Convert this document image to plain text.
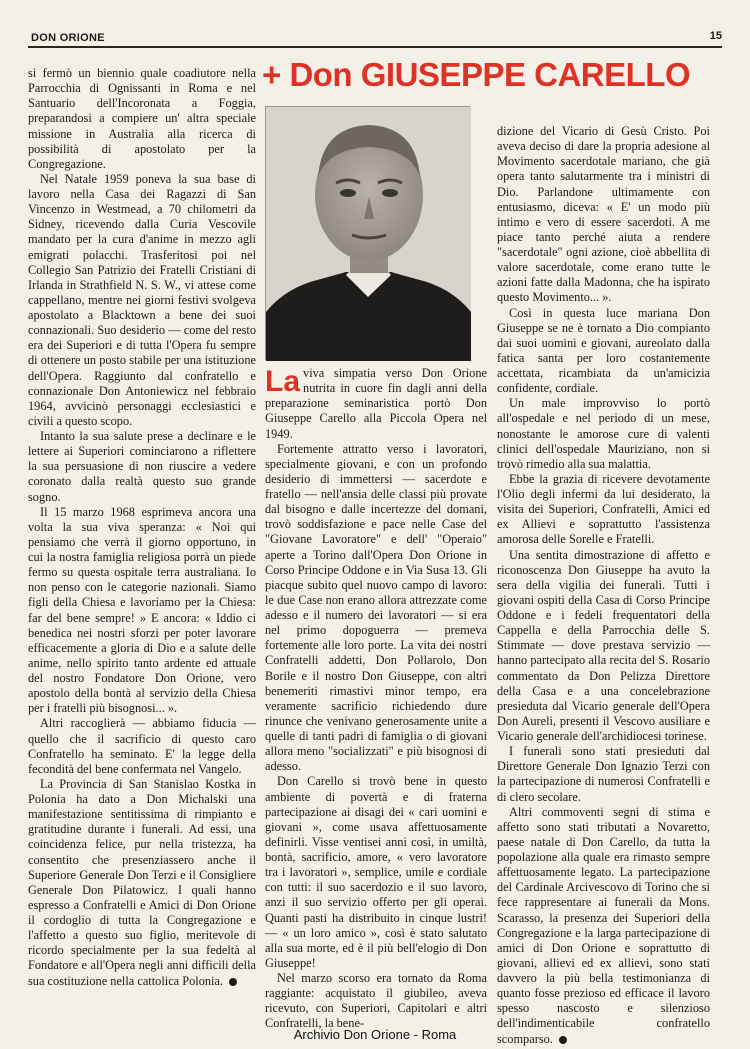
DON ORIONE	15
+ Don GIUSEPPE CARELLO

si fermò un biennio quale coadiutore nella Parrocchia di Ognissanti in Roma e nel Santuario dell'Incoronata a Foggia, preparandosi a compiere un' altra speciale missione in Australia alla ricerca di possibilità di apostolato per la Congregazione.

Nel Natale 1959 poneva la sua base di lavoro nella Casa dei Ragazzi di San Vincenzo in Westmead, a 70 chilometri da Sidney, ricevendo dalla Curia Vescovile mandato per la cura d'anime in mezzo agli emigrati polacchi. Trasferitosi poi nel Collegio San Patrizio dei Fratelli Cristiani di Irlanda in Strathfield N. S. W., vi attese come cappellano, mentre nei giorni festivi svolgeva apostolato a Blacktown a bene dei suoi connazionali. Suo desiderio — come del resto era dei Superiori e di tutta l'Opera fu sempre di ottenere un posto stabile per una istituzione dell'Opera. Raggiunto dal confratello e connazionale Don Antoniewicz nel febbraio 1964, avvicinò personaggi ecclesiastici e civili a questo scopo.

Intanto la sua salute prese a declinare e le lettere ai Superiori cominciarono a riflettere la sua persuasione di non riuscire a vedere coronato dalla realtà questo suo grande sogno.

Il 15 marzo 1968 esprimeva ancora una volta la sua viva speranza: « Noi qui pensiamo che verrà il giorno opportuno, in cui la nostra famiglia religiosa porrà un piede fermo su questa ospitale terra australiana. Io non penso con le categorie nazionali. Siamo figli della Chiesa e lavoriamo per la Chiesa: far del bene sempre! » E ancora: « Iddio ci benedica nei nostri sforzi per poter lavorare efficacemente a gloria di Dio e a salute delle anime, nello spirito tanto ardente ed attuale del nostro Fondatore Don Orione, vero apostolo della bontà al servizio della Chiesa per i fratelli più bisognosi... ».

Altri raccoglierà — abbiamo fiducia — quello che il sacrificio di questo caro Confratello ha seminato. E' la legge della fecondità del bene confermata nel Vangelo.

La Provincia di San Stanislao Kostka in Polonia ha dato a Don Michalski una manifestazione sentitissima di rimpianto e gratitudine durante i funerali. Ad essi, una coincidenza felice, pur nella tristezza, ha consentito che presenziassero anche il Superiore Generale Don Terzi e il Consigliere Generale Don Pilatowicz. I quali hanno espresso a Confratelli e Amici di Don Orione il cordoglio di tutta la Congregazione e l'affetto a questo suo figlio, meritevole di ricordo specialmente per la sua fedeltà al Fondatore e all'Opera negli anni difficili della sua costituzione nella cattolica Polonia.

La viva simpatia verso Don Orione nutrita in cuore fin dagli anni della preparazione seminaristica portò Don Giuseppe Carello alla Piccola Opera nel 1949.

Fortemente attratto verso i lavoratori, specialmente giovani, e con un profondo desiderio di immettersi — sacerdote e fratello — nell'ansia delle classi più provate dal bisogno e dalle incertezze del domani, trovò soddisfazione e pace nelle Case del "Giovane Lavoratore" e dell' "Operaio" aperte a Torino dall'Opera Don Orione in Corso Principe Oddone e in Via Susa 13. Gli piacque subito quel nuovo campo di lavoro: le due Case non erano allora attrezzate come adesso e il numero dei lavoratori — si era nel primo dopoguerra — premeva fortemente alle loro porte. La vita dei nostri Confratelli addetti, Don Pollarolo, Don Borile e il nostro Don Giuseppe, con altri benemeriti rimastivi minor tempo, era veramente sacrificio richiedendo dure rinunce che venivano generosamente unite a quelle di tanti padri di famiglia o di giovani allora meno "socializzati" e più bisognosi di adesso.

Don Carello si trovò bene in questo ambiente di povertà e di fraterna partecipazione ai disagi dei « cari uomini e giovani », come usava affettuosamente definirli. Visse ventisei anni così, in umiltà, bontà, sacrificio, amore, « vero lavoratore tra i lavoratori », semplice, umile e cordiale con tutti: il suo sacerdozio e il suo lavoro, anzi il suo servizio offerto per gli operai. Quanti pasti ha distribuito in cinque lustri! — « un loro amico », così è stato salutato alla sua morte, ed è il più bell'elogio di Don Giuseppe!

Nel marzo scorso era tornato da Roma raggiante: acquistato il giubileo, aveva ricevuto, con Superiori, Capitolari e altri Confratelli, la bene-

dizione del Vicario di Gesù Cristo. Poi aveva deciso di dare la propria adesione al Movimento sacerdotale mariano, che già opera tanto salutarmente tra i ministri di Dio. Parlandone ultimamente con entusiasmo, diceva: « E' un modo più intimo e vero di essere sacerdoti. A me piace tanto perché aiuta a rendere "sacerdotale" ogni azione, cioè abbellita di valore sacerdotale, come erano tutte le azioni fatte dalla Madonna, che ha ispirato questo Movimento... ».

Così in questa luce mariana Don Giuseppe se ne è tornato a Dio compianto dai suoi uomini e giovani, aureolato dalla fatica santa per loro costantemente accettata, ricambiata da un'amicizia confidente, cordiale.

Un male improvviso lo portò all'ospedale e nel periodo di un mese, nonostante le amorose cure di valenti clinici dell'ospedale Mauriziano, non si trovò rimedio alla sua malattia.

Ebbe la grazia di ricevere devotamente l'Olio degli infermi da lui desiderato, la visita dei Superiori, Confratelli, Amici ed ex Allievi e soprattutto l'assistenza amorosa delle Sorelle e Fratelli.

Una sentita dimostrazione di affetto e riconoscenza Don Giuseppe ha avuto la sera della vigilia dei funerali. Tutti i giovani ospiti della Casa di Corso Principe Oddone e i fedeli frequentatori della Cappella e della Parrocchia delle S. Stimmate — dove prestava servizio — hanno partecipato alla recita del S. Rosario commentato da Don Pelizza Direttore della Casa e a una concelebrazione presieduta dal Vicario generale dell'Opera Don Aureli, presenti il Vescovo ausiliare e Vicario generale dell'archidiocesi torinese.

I funerali sono stati presieduti dal Direttore Generale Don Ignazio Terzi con la partecipazione di numerosi Confratelli e di clero secolare.

Altri commoventi segni di stima e affetto sono stati tributati a Novaretto, paese natale di Don Carello, da tutta la popolazione alla quale era rimasto sempre affettuosamente legato. La partecipazione del Cardinale Arcivescovo di Torino che si fece rappresentare ai funerali da Mons. Scarasso, la presenza dei Superiori della Congregazione e la larga partecipazione di amici di Don Orione e soprattutto di giovani, allievi ed ex allievi, sono stati davvero la più bella testimonianza di quanto fosse prezioso ed efficace il lavoro spesso nascosto e silenzioso dell'indimenticabile confratello scomparso.

Archivio Don Orione - Roma
